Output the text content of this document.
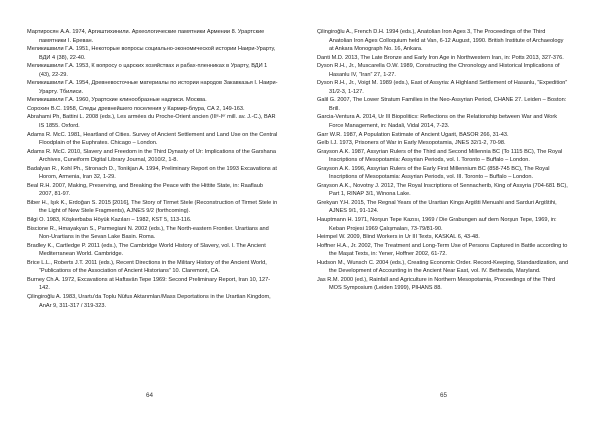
Мартиросян А.А. 1974, Аргиштихинили. Археологические памятники Армении 8. Урартские памятники I. Ереван.

Меликишвили Г.А. 1951, Некоторые вопросы социально-экономической истории Наири-Урарту, ВДИ 4 (38), 22-40.

Меликишвили Г.А. 1953, К вопросу о царских хозяйствах и рабах-пленниках в Урарту, ВДИ 1 (43), 22-29.

Меликишвили Г.А. 1954, Древневосточные материалы по истории народов Закавказья I. Наири-Урарту. Тбилиси.

Меликишвили Г.А. 1960, Урартские клинообразные надписи. Москва.

Сорохин В.С. 1958, Следы древнейшего поселения у Кармир-блура, СА 2, 149-163.

Abrahami Ph, Battini L. 2008 (eds.), Les armées du Proche-Orient ancien (IIIᵉ-Iᵉʳ mill. av. J.-C.), BAR IS 1855. Oxford.

Adams R. McC. 1981, Heartland of Cities. Survey of Ancient Settlement and Land Use on the Central Floodplain of the Euphrates. Chicago – London.

Adams R. McC. 2010, Slavery and Freedom in the Third Dynasty of Ur: Implications of the Garshana Archives, Cuneiform Digital Library Journal, 2010/2, 1-8.

Badalyan R., Kohl Ph., Stronach D., Tonikjan A. 1994, Preliminary Report on the 1993 Excavations at Horom, Armenia, Iran 32, 1-29.

Beal R.H. 2007, Making, Preserving, and Breaking the Peace with the Hittite State, in: Raaflaub 2007, 81-97.

Biber H., Işık K., Erdoğan S. 2015 [2016], The Story of Tirmet Stele (Reconstruction of Tirmet Stele in the Light of New Stele Fragments), AJNES 9/2 (forthcoming).

Bilgi O. 1983, Köşkerbaba Höyük Kazıları – 1982, KST 5, 113-116.

Biscione R., Hmayakyan S., Parmegiani N. 2002 (eds.), The North-eastern Frontier. Urartians and Non-Urartians in the Sevan Lake Basin. Roma.

Bradley K., Cartledge P. 2011 (eds.), The Cambridge World History of Slavery, vol. I. The Ancient Mediterranean World. Cambridge.

Brice L.L., Roberts J.T. 2011 (eds.), Recent Directions in the Military History of the Ancient World, “Publications of the Association of Ancient Historians” 10. Claremont, CA.

Burney Ch.A. 1972, Excavations at Haftavān Tepe 1969: Second Preliminary Report, Iran 10, 127-142.

Çilingiroğlu A. 1983, Urartu’da Toplu Nüfus Aktarımları/Mass Deportations in the Urartian Kingdom, AnAr 9, 311-317 / 319-323.

64

Çilingiroğlu A., French D.H. 1994 (eds.), Anatolian Iron Ages 3, The Proceedings of the Third Anatolian Iron Ages Colloquium held at Van, 6-12 August, 1990. British Institute of Archaeology at Ankara Monograph No. 16, Ankara.

Danti M.D. 2013, The Late Bronze and Early Iron Age in Northwestern Iran, in: Potts 2013, 327-376.

Dyson R.H., Jr., Muscarella O.W. 1989, Constructing the Chronology and Historical Implications of Hasanlu IV, “Iran” 27, 1-27.

Dyson R.H., Jr., Voigt M. 1989 (eds.), East of Assyria: A Highland Settlement of Hasanlu, “Expedition” 31/2-3, 1-127.

Galil G. 2007, The Lower Stratum Families in the Neo-Assyrian Period, CHANE 27. Leiden – Boston: Brill.

Garcia-Ventura A. 2014, Ur III Biopolitics: Reflections on the Relationship between War and Work Force Management, in: Nadali, Vidal 2014, 7-23.

Garr W.R. 1987, A Population Estimate of Ancient Ugarit, BASOR 266, 31-43.

Gelb I.J. 1973, Prisoners of War in Early Mesopotamia, JNES 32/1-2, 70-98.

Grayson A.K. 1987, Assyrian Rulers of the Third and Second Millennia BC (To 1115 BC), The Royal Inscriptions of Mesopotamia: Assyrian Periods, vol. I. Toronto – Buffalo – London.

Grayson A.K. 1996, Assyrian Rulers of the Early First Millennium BC (858-745 BC), The Royal Inscriptions of Mesopotamia: Assyrian Periods, vol. III. Toronto – Buffalo – London.

Grayson A.K., Novotny J. 2012, The Royal Inscriptions of Sennacherib, King of Assyria (704-681 BC), Part 1, RINAP 3/1, Winona Lake.

Grekyan Y.H. 2015, The Regnal Years of the Urartian Kings Argišti Menuahi and Sarduri Argištihi, AJNES 9/1, 91-124.

Hauptmann H. 1971, Norşun Tepe Kazısı, 1969 / Die Grabungen auf dem Norşun Tepe, 1969, in: Keban Projesi 1969 Çalışmaları, 73-79/81-90.

Heimpel W. 2009, Blind Workers in Ur III Texts, KASKAL 6, 43-48.

Hoffner H.A., Jr. 2002, The Treatment and Long-Term Use of Persons Captured in Battle according to the Maşat Texts, in: Yener, Hoffner 2002, 61-72.

Hudson M., Wunsch C. 2004 (eds.), Creating Economic Order. Record-Keeping, Standardization, and the Development of Accounting in the Ancient Near East, vol. IV. Bethesda, Maryland.

Jas R.M. 2000 (ed.), Rainfall and Agriculture in Northern Mesopotamia, Proceedings of the Third MOS Symposium (Leiden 1999), PIHANS 88.

65
